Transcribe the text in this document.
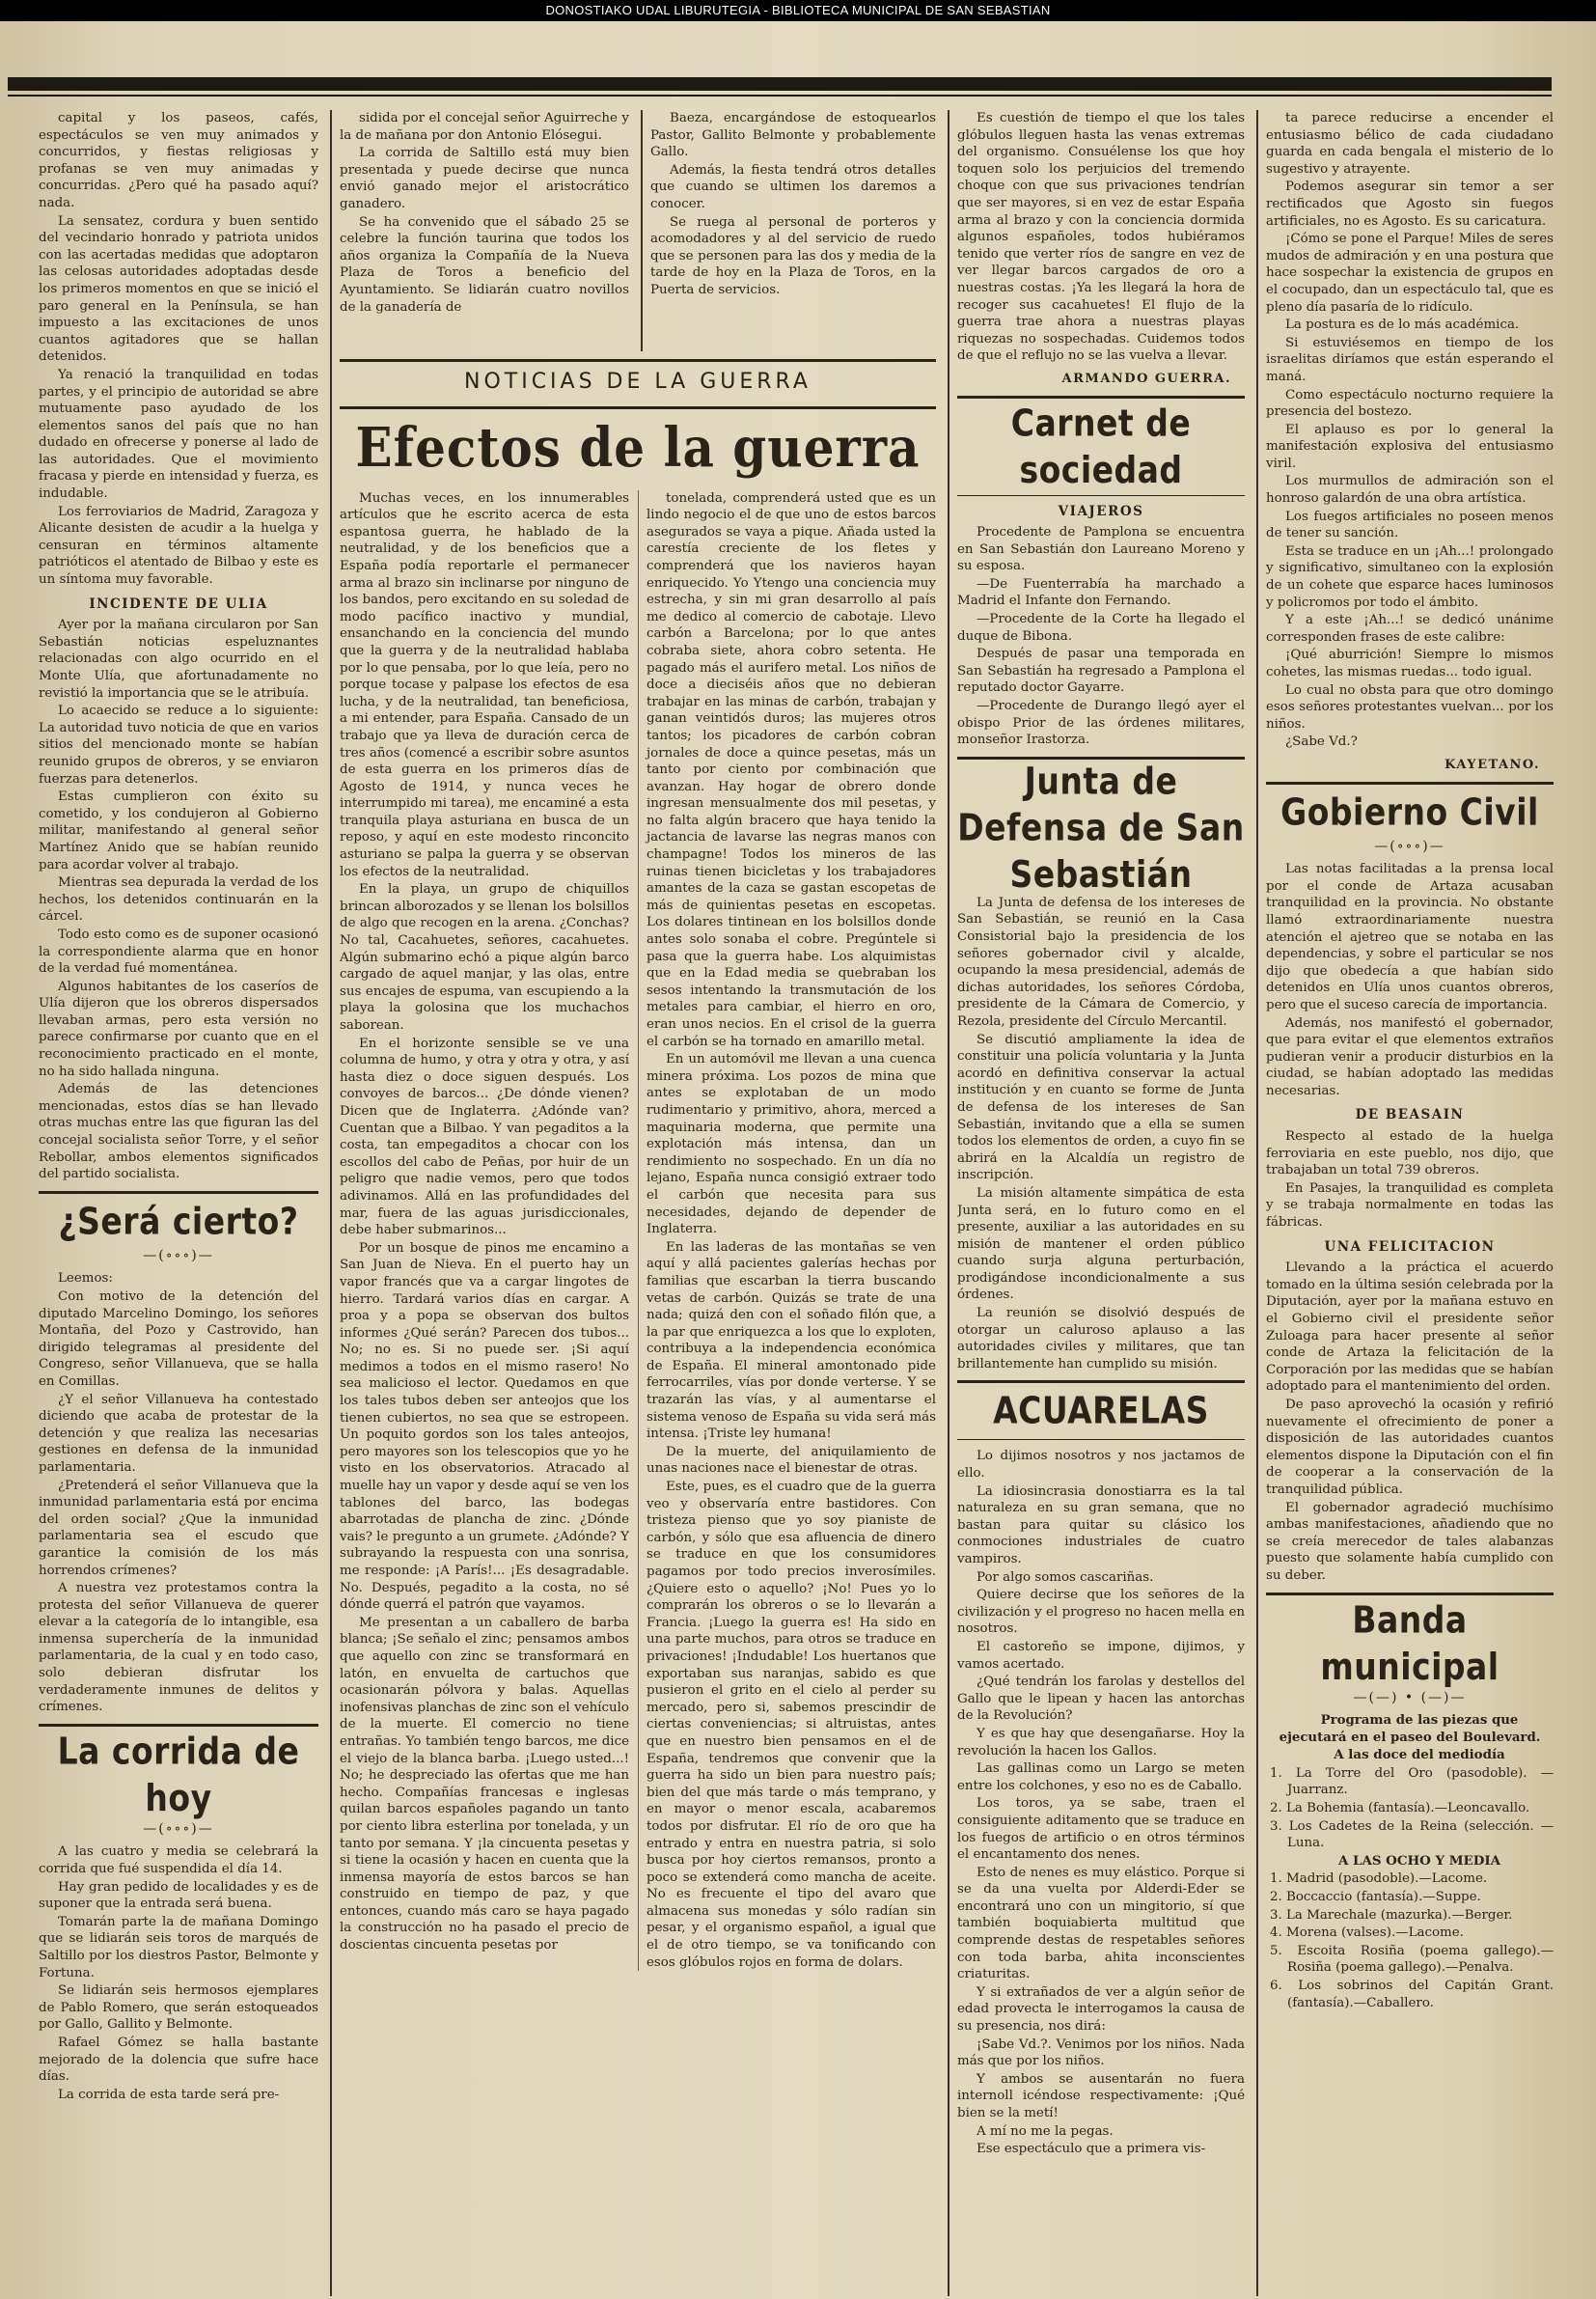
DONOSTIAKO UDAL LIBURUTEGIA - BIBLIOTECA MUNICIPAL DE SAN SEBASTIAN

capital y los paseos, cafés, espectáculos se ven muy animados y concurridos, y fiestas religiosas y profanas se ven muy animadas y concurridas. ¿Pero qué ha pasado aquí? nada.

La sensatez, cordura y buen sentido del vecindario honrado y patriota unidos con las acertadas medidas que adoptaron las celosas autoridades adoptadas desde los primeros momentos en que se inició el paro general en la Península, se han impuesto a las excitaciones de unos cuantos agitadores que se hallan detenidos.

Ya renació la tranquilidad en todas partes, y el principio de autoridad se abre mutuamente paso ayudado de los elementos sanos del país que no han dudado en ofrecerse y ponerse al lado de las autoridades. Que el movimiento fracasa y pierde en intensidad y fuerza, es indudable.

Los ferroviarios de Madrid, Zaragoza y Alicante desisten de acudir a la huelga y censuran en términos altamente patrióticos el atentado de Bilbao y este es un síntoma muy favorable.

INCIDENTE DE ULIA

Ayer por la mañana circularon por San Sebastián noticias espeluznantes relacionadas con algo ocurrido en el Monte Ulía, que afortunadamente no revistió la importancia que se le atribuía.

Lo acaecido se reduce a lo siguiente: La autoridad tuvo noticia de que en varios sitios del mencionado monte se habían reunido grupos de obreros, y se enviaron fuerzas para detenerlos.

Estas cumplieron con éxito su cometido, y los condujeron al Gobierno militar, manifestando al general señor Martínez Anido que se habían reunido para acordar volver al trabajo.

Mientras sea depurada la verdad de los hechos, los detenidos continuarán en la cárcel.

Todo esto como es de suponer ocasionó la correspondiente alarma que en honor de la verdad fué momentánea.

Algunos habitantes de los caseríos de Ulía dijeron que los obreros dispersados llevaban armas, pero esta versión no parece confirmarse por cuanto que en el reconocimiento practicado en el monte, no ha sido hallada ninguna.

Además de las detenciones mencionadas, estos días se han llevado otras muchas entre las que figuran las del concejal socialista señor Torre, y el señor Rebollar, ambos elementos significados del partido socialista.

¿Será cierto?
—(∘∘∘)—

Leemos:

Con motivo de la detención del diputado Marcelino Domingo, los señores Montaña, del Pozo y Castrovido, han dirigido telegramas al presidente del Congreso, señor Villanueva, que se halla en Comillas.

¿Y el señor Villanueva ha contestado diciendo que acaba de protestar de la detención y que realiza las necesarias gestiones en defensa de la inmunidad parlamentaria.

¿Pretenderá el señor Villanueva que la inmunidad parlamentaria está por encima del orden social? ¿Que la inmunidad parlamentaria sea el escudo que garantice la comisión de los más horrendos crímenes?

A nuestra vez protestamos contra la protesta del señor Villanueva de querer elevar a la categoría de lo intangible, esa inmensa superchería de la inmunidad parlamentaria, de la cual y en todo caso, solo debieran disfrutar los verdaderamente inmunes de delitos y crímenes.

La corrida de hoy
—(∘∘∘)—

A las cuatro y media se celebrará la corrida que fué suspendida el día 14.

Hay gran pedido de localidades y es de suponer que la entrada será buena.

Tomarán parte la de mañana Domingo que se lidiarán seis toros de marqués de Saltillo por los diestros Pastor, Belmonte y Fortuna.

Se lidiarán seis hermosos ejemplares de Pablo Romero, que serán estoqueados por Gallo, Gallito y Belmonte.

Rafael Gómez se halla bastante mejorado de la dolencia que sufre hace días.

La corrida de esta tarde será pre-

sidida por el concejal señor Aguirreche y la de mañana por don Antonio Elósegui.

La corrida de Saltillo está muy bien presentada y puede decirse que nunca envió ganado mejor el aristocrático ganadero.

Se ha convenido que el sábado 25 se celebre la función taurina que todos los años organiza la Compañía de la Nueva Plaza de Toros a beneficio del Ayuntamiento. Se lidiarán cuatro novillos de la ganadería de

Baeza, encargándose de estoquearlos Pastor, Gallito Belmonte y probablemente Gallo.

Además, la fiesta tendrá otros detalles que cuando se ultimen los daremos a conocer.

Se ruega al personal de porteros y acomodadores y al del servicio de ruedo que se personen para las dos y media de la tarde de hoy en la Plaza de Toros, en la Puerta de servicios.

NOTICIAS DE LA GUERRA
Efectos de la guerra

Muchas veces, en los innumerables artículos que he escrito acerca de esta espantosa guerra, he hablado de la neutralidad, y de los beneficios que a España podía reportarle el permanecer arma al brazo sin inclinarse por ninguno de los bandos, pero excitando en su soledad de modo pacífico inactivo y mundial, ensanchando en la conciencia del mundo que la guerra y de la neutralidad hablaba por lo que pensaba, por lo que leía, pero no porque tocase y palpase los efectos de esa lucha, y de la neutralidad, tan beneficiosa, a mi entender, para España. Cansado de un trabajo que ya lleva de duración cerca de tres años (comencé a escribir sobre asuntos de esta guerra en los primeros días de Agosto de 1914, y nunca veces he interrumpido mi tarea), me encaminé a esta tranquila playa asturiana en busca de un reposo, y aquí en este modesto rinconcito asturiano se palpa la guerra y se observan los efectos de la neutralidad.

En la playa, un grupo de chiquillos brincan alborozados y se llenan los bolsillos de algo que recogen en la arena. ¿Conchas? No tal, Cacahuetes, señores, cacahuetes. Algún submarino echó a pique algún barco cargado de aquel manjar, y las olas, entre sus encajes de espuma, van escupiendo a la playa la golosina que los muchachos saborean.

En el horizonte sensible se ve una columna de humo, y otra y otra y otra, y así hasta diez o doce siguen después. Los convoyes de barcos... ¿De dónde vienen? Dicen que de Inglaterra. ¿Adónde van? Cuentan que a Bilbao. Y van pegaditos a la costa, tan empegaditos a chocar con los escollos del cabo de Peñas, por huir de un peligro que nadie vemos, pero que todos adivinamos. Allá en las profundidades del mar, fuera de las aguas jurisdiccionales, debe haber submarinos...

Por un bosque de pinos me encamino a San Juan de Nieva. En el puerto hay un vapor francés que va a cargar lingotes de hierro. Tardará varios días en cargar. A proa y a popa se observan dos bultos informes ¿Qué serán? Parecen dos tubos... No; no es. Si no puede ser. ¡Si aquí medimos a todos en el mismo rasero! No sea malicioso el lector. Quedamos en que los tales tubos deben ser anteojos que los tienen cubiertos, no sea que se estropeen. Un poquito gordos son los tales anteojos, pero mayores son los telescopios que yo he visto en los observatorios. Atracado al muelle hay un vapor y desde aquí se ven los tablones del barco, las bodegas abarrotadas de plancha de zinc. ¿Dónde vais? le pregunto a un grumete. ¿Adónde? Y subrayando la respuesta con una sonrisa, me responde: ¡A París!... ¡Es desagradable. No. Después, pegadito a la costa, no sé dónde querrá el patrón que vayamos.

Me presentan a un caballero de barba blanca; ¡Se señalo el zinc; pensamos ambos que aquello con zinc se transformará en latón, en envuelta de cartuchos que ocasionarán pólvora y balas. Aquellas inofensivas planchas de zinc son el vehículo de la muerte. El comercio no tiene entrañas. Yo también tengo barcos, me dice el viejo de la blanca barba. ¡Luego usted...! No; he despreciado las ofertas que me han hecho. Compañías francesas e inglesas quilan barcos españoles pagando un tanto por ciento libra esterlina por tonelada, y un tanto por semana. Y ¡la cincuenta pesetas y si tiene la ocasión y hacen en cuenta que la inmensa mayoría de estos barcos se han construido en tiempo de paz, y que entonces, cuando más caro se haya pagado la construcción no ha pasado el precio de doscientas cincuenta pesetas por

tonelada, comprenderá usted que es un lindo negocio el de que uno de estos barcos asegurados se vaya a pique. Añada usted la carestía creciente de los fletes y comprenderá que los navieros hayan enriquecido. Yo Ytengo una conciencia muy estrecha, y sin mi gran desarrollo al país me dedico al comercio de cabotaje. Llevo carbón a Barcelona; por lo que antes cobraba siete, ahora cobro setenta. He pagado más el aurifero metal. Los niños de doce a dieciséis años que no debieran trabajar en las minas de carbón, trabajan y ganan veintidós duros; las mujeres otros tantos; los picadores de carbón cobran jornales de doce a quince pesetas, más un tanto por ciento por combinación que avanzan. Hay hogar de obrero donde ingresan mensualmente dos mil pesetas, y no falta algún bracero que haya tenido la jactancia de lavarse las negras manos con champagne! Todos los mineros de las ruinas tienen bicicletas y los trabajadores amantes de la caza se gastan escopetas de más de quinientas pesetas en escopetas. Los dolares tintinean en los bolsillos donde antes solo sonaba el cobre. Pregúntele si pasa que la guerra habe. Los alquimistas que en la Edad media se quebraban los sesos intentando la transmutación de los metales para cambiar, el hierro en oro, eran unos necios. En el crisol de la guerra el carbón se ha tornado en amarillo metal.

En un automóvil me llevan a una cuenca minera próxima. Los pozos de mina que antes se explotaban de un modo rudimentario y primitivo, ahora, merced a maquinaria moderna, que permite una explotación más intensa, dan un rendimiento no sospechado. En un día no lejano, España nunca consigió extraer todo el carbón que necesita para sus necesidades, dejando de depender de Inglaterra.

En las laderas de las montañas se ven aquí y allá pacientes galerías hechas por familias que escarban la tierra buscando vetas de carbón. Quizás se trate de una nada; quizá den con el soñado filón que, a la par que enriquezca a los que lo exploten, contribuya a la independencia económica de España. El mineral amontonado pide ferrocarriles, vías por donde verterse. Y se trazarán las vías, y al aumentarse el sistema venoso de España su vida será más intensa. ¡Triste ley humana!

De la muerte, del aniquilamiento de unas naciones nace el bienestar de otras.

Este, pues, es el cuadro que de la guerra veo y observaría entre bastidores. Con tristeza pienso que yo soy pianiste de carbón, y sólo que esa afluencia de dinero se traduce en que los consumidores pagamos por todo precios inverosímiles. ¿Quiere esto o aquello? ¡No! Pues yo lo comprarán los obreros o se lo llevarán a Francia. ¡Luego la guerra es! Ha sido en una parte muchos, para otros se traduce en privaciones! ¡Indudable! Los huertanos que exportaban sus naranjas, sabido es que pusieron el grito en el cielo al perder su mercado, pero si, sabemos prescindir de ciertas conveniencias; si altruistas, antes que en nuestro bien pensamos en el de España, tendremos que convenir que la guerra ha sido un bien para nuestro país; bien del que más tarde o más temprano, y en mayor o menor escala, acabaremos todos por disfrutar. El río de oro que ha entrado y entra en nuestra patria, si solo busca por hoy ciertos remansos, pronto a poco se extenderá como mancha de aceite. No es frecuente el tipo del avaro que almacena sus monedas y sólo radían sin pesar, y el organismo español, a igual que el de otro tiempo, se va tonificando con esos glóbulos rojos en forma de dolars.

Es cuestión de tiempo el que los tales glóbulos lleguen hasta las venas extremas del organismo. Consuélense los que hoy toquen solo los perjuicios del tremendo choque con que sus privaciones tendrían que ser mayores, si en vez de estar España arma al brazo y con la conciencia dormida algunos españoles, todos hubiéramos tenido que verter ríos de sangre en vez de ver llegar barcos cargados de oro a nuestras costas. ¡Ya les llegará la hora de recoger sus cacahuetes! El flujo de la guerra trae ahora a nuestras playas riquezas no sospechadas. Cuidemos todos de que el reflujo no se las vuelva a llevar.

ARMANDO GUERRA.
Carnet de sociedad
VIAJEROS

Procedente de Pamplona se encuentra en San Sebastián don Laureano Moreno y su esposa.

—De Fuenterrabía ha marchado a Madrid el Infante don Fernando.

—Procedente de la Corte ha llegado el duque de Bibona.

Después de pasar una temporada en San Sebastián ha regresado a Pamplona el reputado doctor Gayarre.

—Procedente de Durango llegó ayer el obispo Prior de las órdenes militares, monseñor Irastorza.

Junta de Defensa de San Sebastián

La Junta de defensa de los intereses de San Sebastián, se reunió en la Casa Consistorial bajo la presidencia de los señores gobernador civil y alcalde, ocupando la mesa presidencial, además de dichas autoridades, los señores Córdoba, presidente de la Cámara de Comercio, y Rezola, presidente del Círculo Mercantil.

Se discutió ampliamente la idea de constituir una policía voluntaria y la Junta acordó en definitiva conservar la actual institución y en cuanto se forme de Junta de defensa de los intereses de San Sebastián, invitando que a ella se sumen todos los elementos de orden, a cuyo fin se abrirá en la Alcaldía un registro de inscripción.

La misión altamente simpática de esta Junta será, en lo futuro como en el presente, auxiliar a las autoridades en su misión de mantener el orden público cuando surja alguna perturbación, prodigándose incondicionalmente a sus órdenes.

La reunión se disolvió después de otorgar un caluroso aplauso a las autoridades civiles y militares, que tan brillantemente han cumplido su misión.

ACUARELAS

Lo dijimos nosotros y nos jactamos de ello.

La idiosincrasia donostiarra es la tal naturaleza en su gran semana, que no bastan para quitar su clásico los conmociones industriales de cuatro vampiros.

Por algo somos cascariñas.

Quiere decirse que los señores de la civilización y el progreso no hacen mella en nosotros.

El castoreño se impone, dijimos, y vamos acertado.

¿Qué tendrán los farolas y destellos del Gallo que le lipean y hacen las antorchas de la Revolución?

Y es que hay que desengañarse. Hoy la revolución la hacen los Gallos.

Las gallinas como un Largo se meten entre los colchones, y eso no es de Caballo.

Los toros, ya se sabe, traen el consiguiente aditamento que se traduce en los fuegos de artificio o en otros términos el encantamento dos nenes.

Esto de nenes es muy elástico. Porque si se da una vuelta por Alderdi-Eder se encontrará uno con un mingitorio, sí que también boquiabierta multitud que comprende destas de respetables señores con toda barba, ahita inconscientes criaturitas.

Y si extrañados de ver a algún señor de edad provecta le interrogamos la causa de su presencia, nos dirá:

¡Sabe Vd.?. Venimos por los niños. Nada más que por los niños.

Y ambos se ausentarán no fuera internoll icéndose respectivamente: ¡Qué bien se la metí!

A mí no me la pegas.

Ese espectáculo que a primera vis-

ta parece reducirse a encender el entusiasmo bélico de cada ciudadano guarda en cada bengala el misterio de lo sugestivo y atrayente.

Podemos asegurar sin temor a ser rectificados que Agosto sin fuegos artificiales, no es Agosto. Es su caricatura.

¡Cómo se pone el Parque! Miles de seres mudos de admiración y en una postura que hace sospechar la existencia de grupos en el cocupado, dan un espectáculo tal, que es pleno día pasaría de lo ridículo.

La postura es de lo más académica.

Si estuviésemos en tiempo de los israelitas diríamos que están esperando el maná.

Como espectáculo nocturno requiere la presencia del bostezo.

El aplauso es por lo general la manifestación explosiva del entusiasmo viril.

Los murmullos de admiración son el honroso galardón de una obra artística.

Los fuegos artificiales no poseen menos de tener su sanción.

Esta se traduce en un ¡Ah...! prolongado y significativo, simultaneo con la explosión de un cohete que esparce haces luminosos y policromos por todo el ámbito.

Y a este ¡Ah...! se dedicó unánime corresponden frases de este calibre:

¡Qué aburrición! Siempre lo mismos cohetes, las mismas ruedas... todo igual.

Lo cual no obsta para que otro domingo esos señores protestantes vuelvan... por los niños.

¿Sabe Vd.?

KAYETANO.
Gobierno Civil
—(∘∘∘)—

Las notas facilitadas a la prensa local por el conde de Artaza acusaban tranquilidad en la provincia. No obstante llamó extraordinariamente nuestra atención el ajetreo que se notaba en las dependencias, y sobre el particular se nos dijo que obedecía a que habían sido detenidos en Ulía unos cuantos obreros, pero que el suceso carecía de importancia.

Además, nos manifestó el gobernador, que para evitar el que elementos extraños pudieran venir a producir disturbios en la ciudad, se habían adoptado las medidas necesarias.

DE BEASAIN

Respecto al estado de la huelga ferroviaria en este pueblo, nos dijo, que trabajaban un total 739 obreros.

En Pasajes, la tranquilidad es completa y se trabaja normalmente en todas las fábricas.

UNA FELICITACION

Llevando a la práctica el acuerdo tomado en la última sesión celebrada por la Diputación, ayer por la mañana estuvo en el Gobierno civil el presidente señor Zuloaga para hacer presente al señor conde de Artaza la felicitación de la Corporación por las medidas que se habían adoptado para el mantenimiento del orden.

De paso aprovechó la ocasión y refirió nuevamente el ofrecimiento de poner a disposición de las autoridades cuantos elementos dispone la Diputación con el fin de cooperar a la conservación de la tranquilidad pública.

El gobernador agradeció muchísimo ambas manifestaciones, añadiendo que no se creía merecedor de tales alabanzas puesto que solamente había cumplido con su deber.

Banda municipal
—(—) • (—)—

Programa de las piezas que ejecutará en el paseo del Boulevard.

A las doce del mediodía

1. La Torre del Oro (pasodoble). — Juarranz.

2. La Bohemia (fantasía).—Leoncavallo.

3. Los Cadetes de la Reina (selección. — Luna.

A LAS OCHO Y MEDIA

1. Madrid (pasodoble).—Lacome.

2. Boccaccio (fantasía).—Suppe.

3. La Marechale (mazurka).—Berger.

4. Morena (valses).—Lacome.

5. Escoita Rosiña (poema gallego).—Rosiña (poema gallego).—Penalva.

6. Los sobrinos del Capitán Grant. (fantasía).—Caballero.
